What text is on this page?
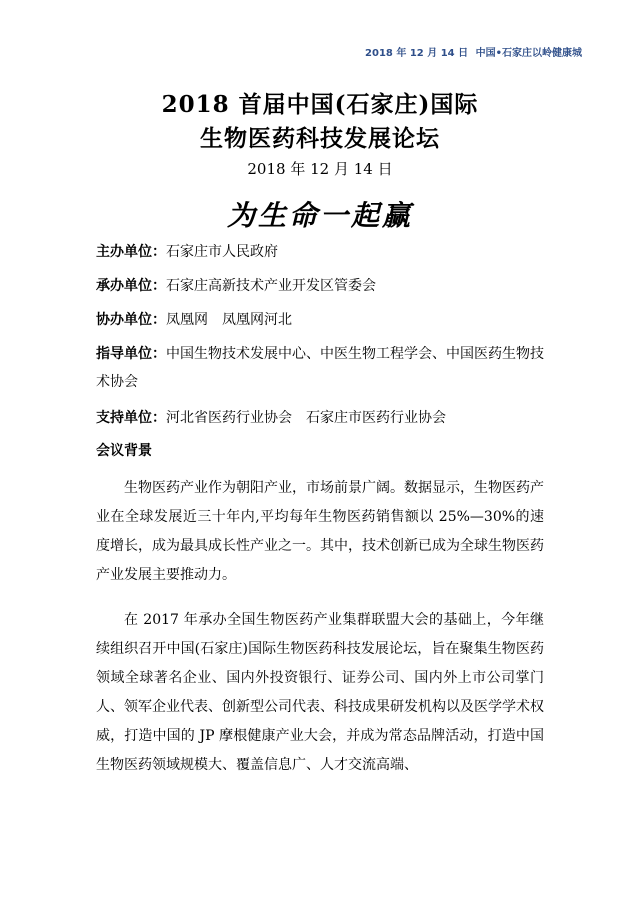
2018 年 12 月 14 日 中国•石家庄以岭健康城
2018 首届中国(石家庄)国际
生物医药科技发展论坛
2018 年 12 月 14 日
为生命一起赢
主办单位：石家庄市人民政府
承办单位：石家庄高新技术产业开发区管委会
协办单位：凤凰网　凤凰网河北
指导单位：中国生物技术发展中心、中医生物工程学会、中国医药生物技术协会
支持单位：河北省医药行业协会　石家庄市医药行业协会
会议背景
生物医药产业作为朝阳产业，市场前景广阔。数据显示，生物医药产业在全球发展近三十年内,平均每年生物医药销售额以 25%—30%的速度增长，成为最具成长性产业之一。其中，技术创新已成为全球生物医药产业发展主要推动力。
在 2017 年承办全国生物医药产业集群联盟大会的基础上，今年继续组织召开中国(石家庄)国际生物医药科技发展论坛，旨在聚集生物医药领域全球著名企业、国内外投资银行、证券公司、国内外上市公司掌门人、领军企业代表、创新型公司代表、科技成果研发机构以及医学学术权威，打造中国的 JP 摩根健康产业大会，并成为常态品牌活动，打造中国生物医药领域规模大、覆盖信息广、人才交流高端、
